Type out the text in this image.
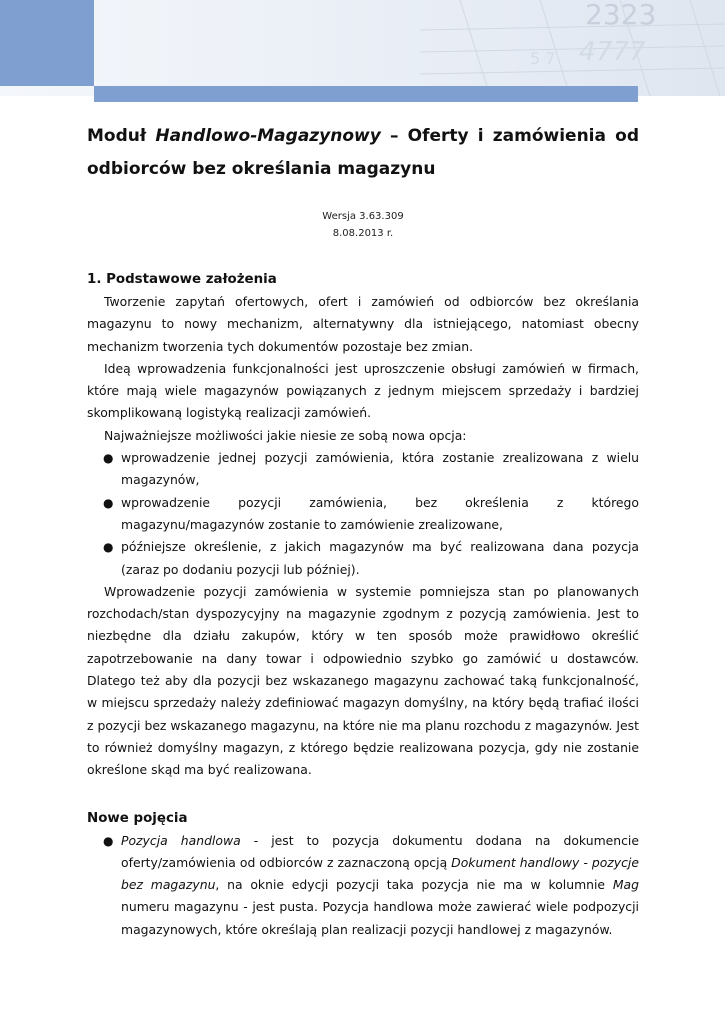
2323
4777
5 7
Moduł Handlowo-Magazynowy – Oferty i zamówienia od odbiorców bez określania magazynu
Wersja 3.63.309
8.08.2013 r.
1. Podstawowe założenia

Tworzenie zapytań ofertowych, ofert i zamówień od odbiorców bez określania magazynu to nowy mechanizm, alternatywny dla istniejącego, natomiast obecny mechanizm tworzenia tych dokumentów pozostaje bez zmian.

Ideą wprowadzenia funkcjonalności jest uproszczenie obsługi zamówień w firmach, które mają wiele magazynów powiązanych z jednym miejscem sprzedaży i bardziej skomplikowaną logistyką realizacji zamówień.

Najważniejsze możliwości jakie niesie ze sobą nowa opcja:

● wprowadzenie jednej pozycji zamówienia, która zostanie zrealizowana z wielu magazynów,
● wprowadzenie pozycji zamówienia, bez określenia z którego magazynu/magazynów zostanie to zamówienie zrealizowane,
● późniejsze określenie, z jakich magazynów ma być realizowana dana pozycja (zaraz po dodaniu pozycji lub później).

Wprowadzenie pozycji zamówienia w systemie pomniejsza stan po planowanych rozchodach/stan dyspozycyjny na magazynie zgodnym z pozycją zamówienia. Jest to niezbędne dla działu zakupów, który w ten sposób może prawidłowo określić zapotrzebowanie na dany towar i odpowiednio szybko go zamówić u dostawców. Dlatego też aby dla pozycji bez wskazanego magazynu zachować taką funkcjonalność, w miejscu sprzedaży należy zdefiniować magazyn domyślny, na który będą trafiać ilości z pozycji bez wskazanego magazynu, na które nie ma planu rozchodu z magazynów. Jest to również domyślny magazyn, z którego będzie realizowana pozycja, gdy nie zostanie określone skąd ma być realizowana.

Nowe pojęcia
● Pozycja handlowa - jest to pozycja dokumentu dodana na dokumencie oferty/zamówienia od odbiorców z zaznaczoną opcją Dokument handlowy - pozycje bez magazynu, na oknie edycji pozycji taka pozycja nie ma w kolumnie Mag numeru magazynu - jest pusta. Pozycja handlowa może zawierać wiele podpozycji magazynowych, które określają plan realizacji pozycji handlowej z magazynów.
